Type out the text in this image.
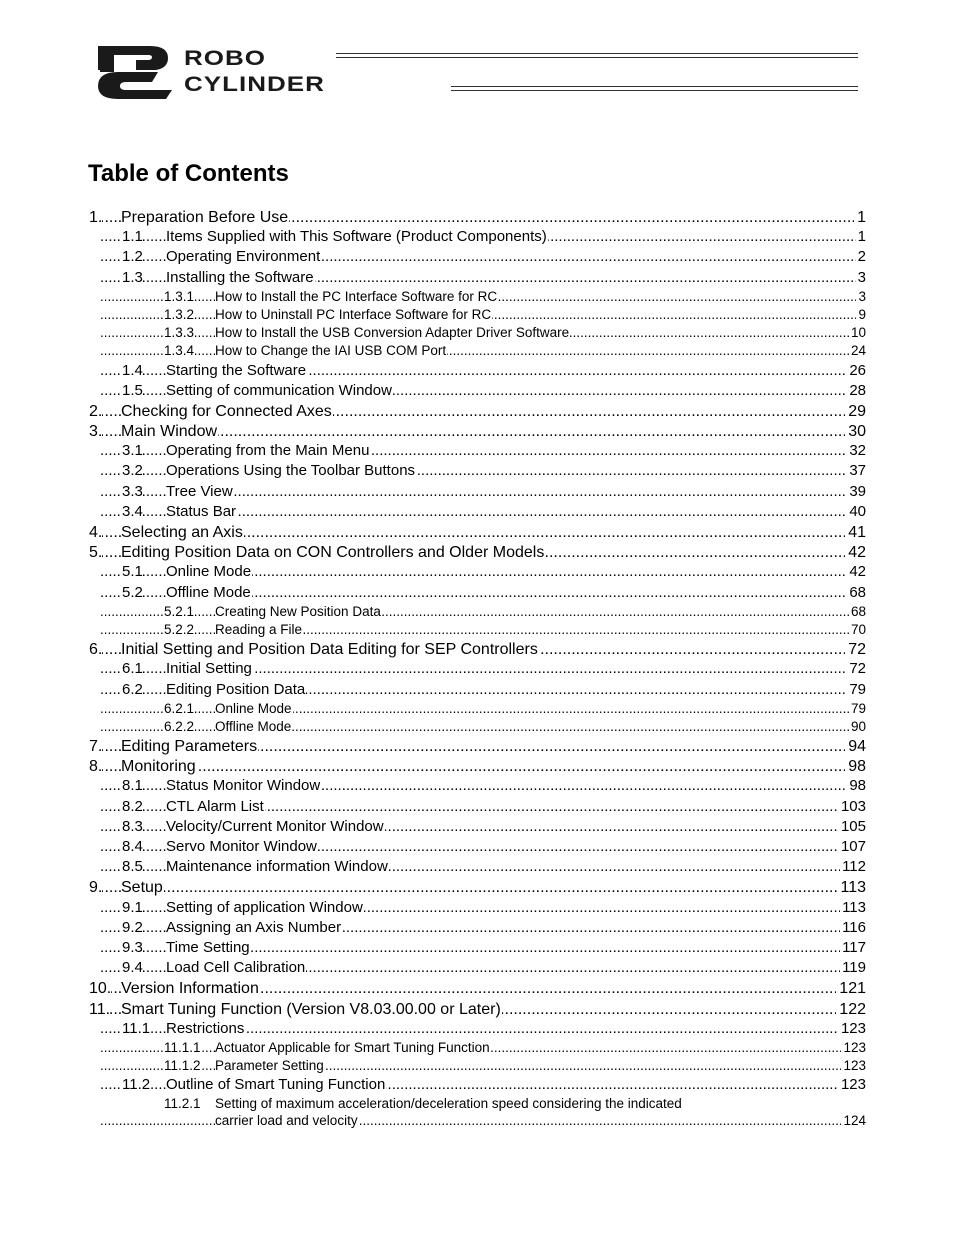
ROBO
CYLINDER
Table of Contents
.....
1. Preparation Before Use	1
.....
1.1 Items Supplied with This Software (Product Components)	1
.....
1.2 Operating Environment	2
.....
1.3 Installing the Software	3
.....
1.3.1 How to Install the PC Interface Software for RC	3
.....
1.3.2 How to Uninstall PC Interface Software for RC	9
.....
1.3.3 How to Install the USB Conversion Adapter Driver Software	10
.....
1.3.4 How to Change the IAI USB COM Port	24
.....
1.4 Starting the Software	26
.....
1.5 Setting of communication Window	28
.....
2. Checking for Connected Axes	29
.....
3. Main Window	30
.....
3.1 Operating from the Main Menu	32
.....
3.2 Operations Using the Toolbar Buttons	37
.....
3.3 Tree View	39
.....
3.4 Status Bar	40
.....
4. Selecting an Axis	41
.....
5. Editing Position Data on CON Controllers and Older Models	42
.....
5.1 Online Mode	42
.....
5.2 Offline Mode	68
.....
5.2.1 Creating New Position Data	68
.....
5.2.2 Reading a File	70
.....
6. Initial Setting and Position Data Editing for SEP Controllers	72
.....
6.1 Initial Setting	72
.....
6.2 Editing Position Data	79
.....
6.2.1 Online Mode	79
.....
6.2.2 Offline Mode	90
.....
7. Editing Parameters	94
.....
8. Monitoring	98
.....
8.1 Status Monitor Window	98
.....
8.2 CTL Alarm List	103
.....
8.3 Velocity/Current Monitor Window	105
.....
8.4 Servo Monitor Window	107
.....
8.5 Maintenance information Window	112
.....
9. Setup	113
.....
9.1 Setting of application Window	113
.....
9.2 Assigning an Axis Number	116
.....
9.3 Time Setting	117
.....
9.4 Load Cell Calibration	119
.....
10. Version Information	121
.....
11. Smart Tuning Function (Version V8.03.00.00 or Later)	122
.....
11.1 Restrictions	123
.....
11.1.1 Actuator Applicable for Smart Tuning Function	123
.....
11.1.2 Parameter Setting	123
.....
11.2 Outline of Smart Tuning Function	123
.....
11.2.1 Setting of maximum acceleration/deceleration speed considering the indicated
carrier load and velocity	124
